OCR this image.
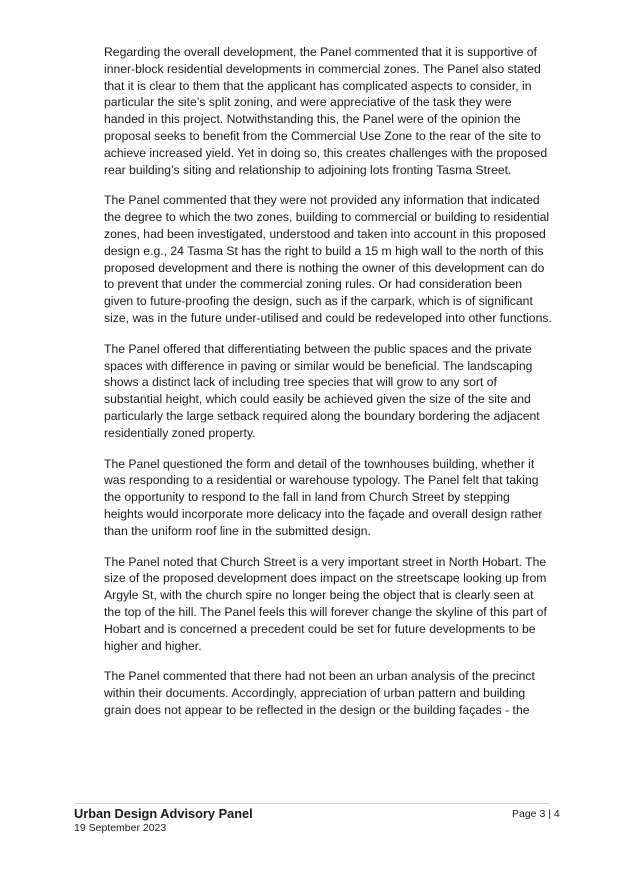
Regarding the overall development, the Panel commented that it is supportive of inner-block residential developments in commercial zones. The Panel also stated that it is clear to them that the applicant has complicated aspects to consider, in particular the site’s split zoning, and were appreciative of the task they were handed in this project. Notwithstanding this, the Panel were of the opinion the proposal seeks to benefit from the Commercial Use Zone to the rear of the site to achieve increased yield. Yet in doing so, this creates challenges with the proposed rear building’s siting and relationship to adjoining lots fronting Tasma Street.

The Panel commented that they were not provided any information that indicated the degree to which the two zones, building to commercial or building to residential zones, had been investigated, understood and taken into account in this proposed design e.g., 24 Tasma St has the right to build a 15 m high wall to the north of this proposed development and there is nothing the owner of this development can do to prevent that under the commercial zoning rules. Or had consideration been given to future-proofing the design, such as if the carpark, which is of significant size, was in the future under-utilised and could be redeveloped into other functions.

The Panel offered that differentiating between the public spaces and the private spaces with difference in paving or similar would be beneficial. The landscaping shows a distinct lack of including tree species that will grow to any sort of substantial height, which could easily be achieved given the size of the site and particularly the large setback required along the boundary bordering the adjacent residentially zoned property.

The Panel questioned the form and detail of the townhouses building, whether it was responding to a residential or warehouse typology. The Panel felt that taking the opportunity to respond to the fall in land from Church Street by stepping heights would incorporate more delicacy into the façade and overall design rather than the uniform roof line in the submitted design.

The Panel noted that Church Street is a very important street in North Hobart. The size of the proposed development does impact on the streetscape looking up from Argyle St, with the church spire no longer being the object that is clearly seen at the top of the hill. The Panel feels this will forever change the skyline of this part of Hobart and is concerned a precedent could be set for future developments to be higher and higher.

The Panel commented that there had not been an urban analysis of the precinct within their documents. Accordingly, appreciation of urban pattern and building grain does not appear to be reflected in the design or the building façades - the

Urban Design Advisory Panel
19 September 2023
Page 3 | 4
